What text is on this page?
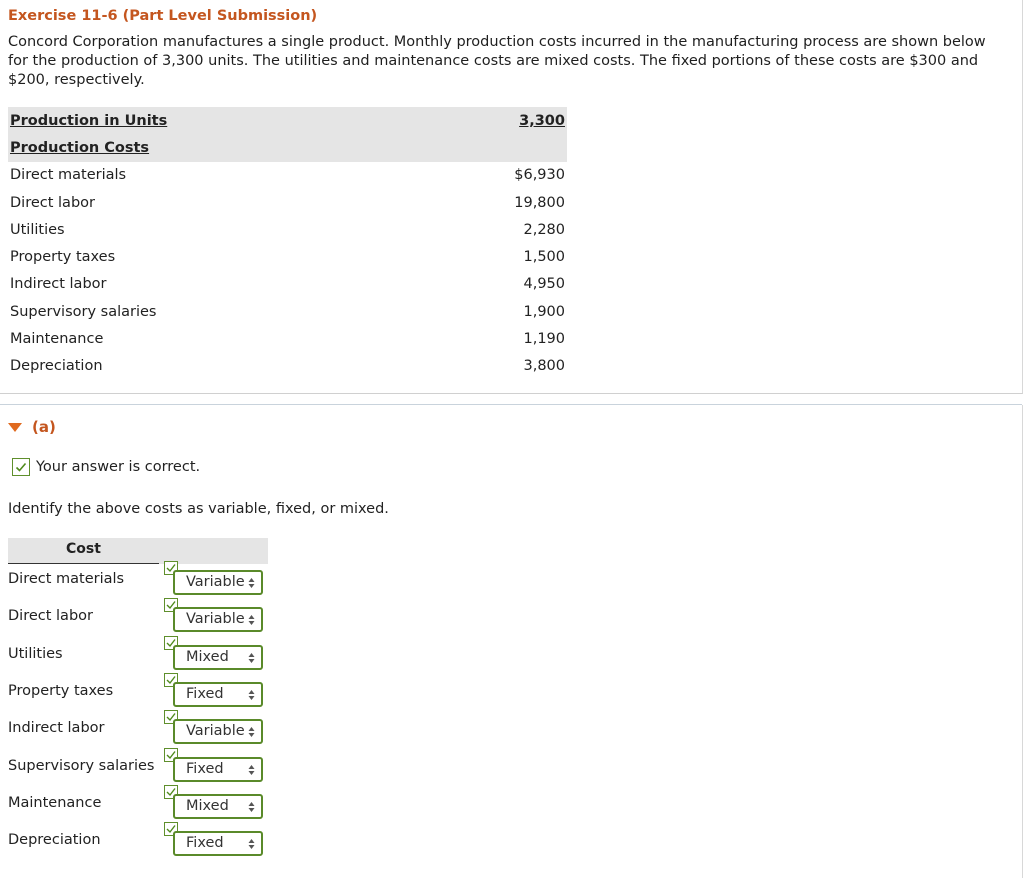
Exercise 11-6 (Part Level Submission)

Concord Corporation manufactures a single product. Monthly production costs incurred in the manufacturing process are shown below for the production of 3,300 units. The utilities and maintenance costs are mixed costs. The fixed portions of these costs are $300 and $200, respectively.

Production in Units	3,300
Production Costs	
Direct materials	$6,930
Direct labor	19,800
Utilities	2,280
Property taxes	1,500
Indirect labor	4,950
Supervisory salaries	1,900
Maintenance	1,190
Depreciation	3,800
(a)
Your answer is correct.

Identify the above costs as variable, fixed, or mixed.

Cost
Direct materials	Variable
Direct labor	Variable
Utilities	Mixed
Property taxes	Fixed
Indirect labor	Variable
Supervisory salaries Fixed
Maintenance	Mixed
Depreciation	Fixed
